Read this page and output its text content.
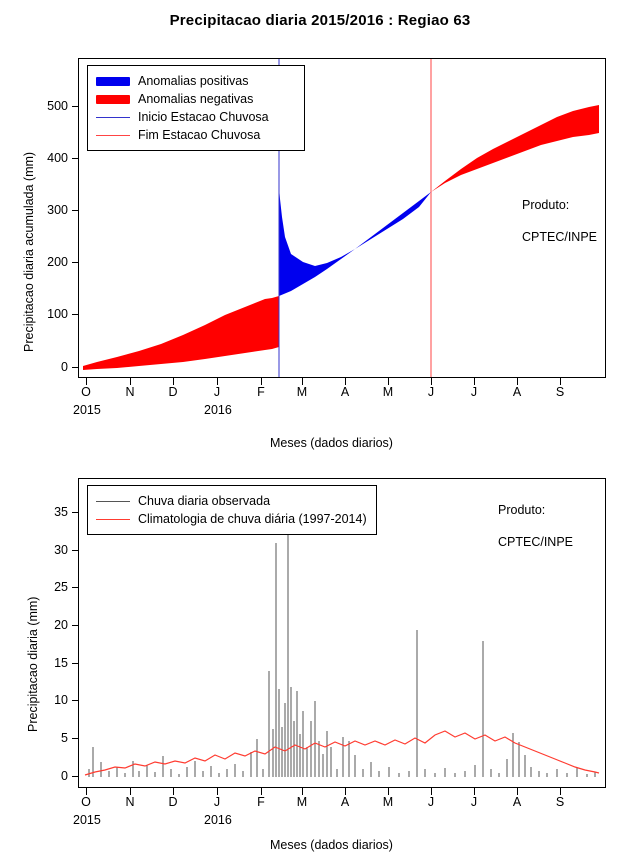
Precipitacao diaria 2015/2016 : Regiao 63
Anomalias positivas
Anomalias negativas
Inicio Estacao Chuvosa
Fim Estacao Chuvosa

Produto:

CPTEC/INPE

0
100
200
300
400
500
O	N	D	J	F	M	A	M	J	J	A	S
2015	2016
Meses (dados diarios)
Precipitacao diaria acumulada (mm)
Chuva diaria observada
Climatologia de chuva diária (1997-2014)

Produto:

CPTEC/INPE

0
5
10
15
20
25
30
35
O	N	D	J	F	M	A	M	J	J	A	S
2015	2016
Meses (dados diarios)
Precipitacao diaria (mm)
